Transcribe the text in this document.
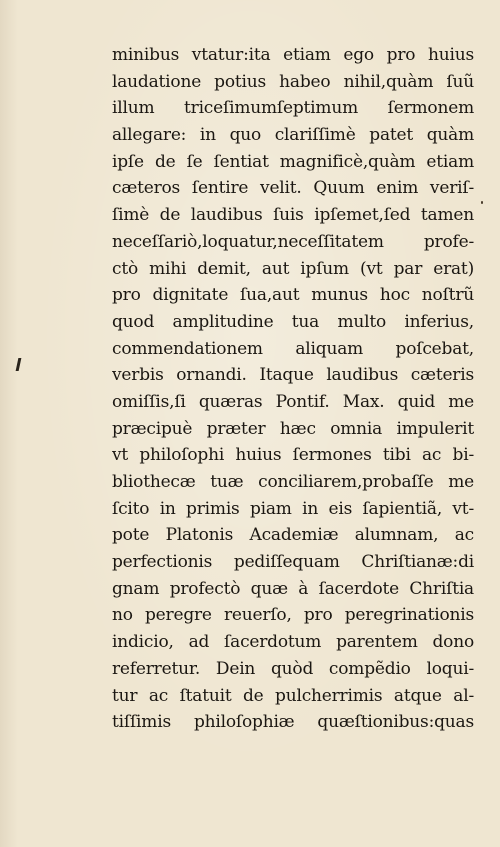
minibus vtatur:ita etiam ego pro huius
laudatione potius habeo nihil,quàm ſuũ
illum triceſimumſeptimum ſermonem
allegare: in quo clariſſimè patet quàm
ipſe de ſe ſentiat magnificè,quàm etiam
cæteros ſentire velit. Quum enim veriſ-
ſimè de laudibus ſuis ipſemet,ſed tamen
neceſſariò,loquatur,neceſſitatem profe-
ctò mihi demit, aut ipſum (vt par erat)
pro dignitate ſua,aut munus hoc noſtrũ
quod amplitudine tua multo inferius,
commendationem aliquam poſcebat,
verbis ornandi. Itaque laudibus cæteris
omiſſis,ſi quæras Pontif. Max. quid me
præcipuè præter hæc omnia impulerit
vt philoſophi huius ſermones tibi ac bi-
bliothecæ tuæ conciliarem,probaſſe me
ſcito in primis piam in eis ſapientiã, vt-
pote Platonis Academiæ alumnam, ac
perfectionis pediſſequam Chriſtianæ:di
gnam profectò quæ à ſacerdote Chriſtia
no peregre reuerſo, pro peregrinationis
indicio, ad ſacerdotum parentem dono
referretur. Dein quòd compẽdio loqui-
tur ac ſtatuit de pulcherrimis atque al-
tiſſimis philoſophiæ quæſtionibus:quas
